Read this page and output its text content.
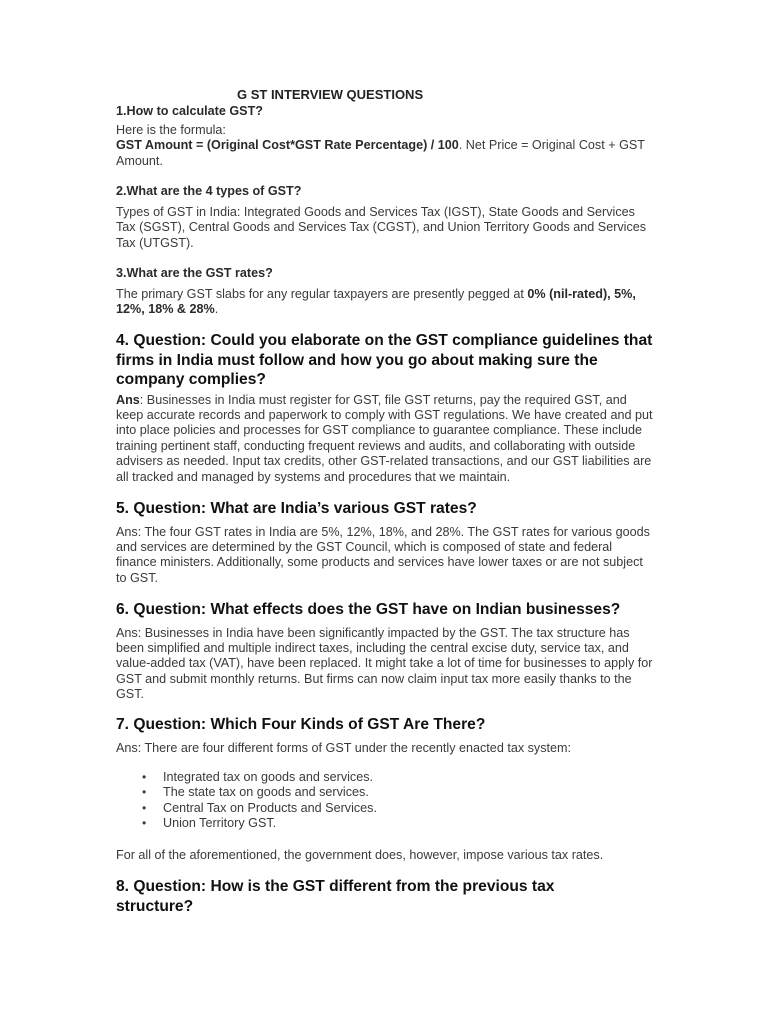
G ST INTERVIEW QUESTIONS

1.How to calculate GST?

Here is the formula:

GST Amount = (Original Cost*GST Rate Percentage) / 100. Net Price = Original Cost + GST Amount.

2.What are the 4 types of GST?

Types of GST in India: Integrated Goods and Services Tax (IGST), State Goods and Services Tax (SGST), Central Goods and Services Tax (CGST), and Union Territory Goods and Services Tax (UTGST).

3.What are the GST rates?

The primary GST slabs for any regular taxpayers are presently pegged at 0% (nil-rated), 5%, 12%, 18% & 28%.

4. Question: Could you elaborate on the GST compliance guidelines that firms in India must follow and how you go about making sure the company complies?

Ans: Businesses in India must register for GST, file GST returns, pay the required GST, and keep accurate records and paperwork to comply with GST regulations. We have created and put into place policies and processes for GST compliance to guarantee compliance. These include training pertinent staff, conducting frequent reviews and audits, and collaborating with outside advisers as needed. Input tax credits, other GST-related transactions, and our GST liabilities are all tracked and managed by systems and procedures that we maintain.

5. Question: What are India’s various GST rates?

Ans: The four GST rates in India are 5%, 12%, 18%, and 28%. The GST rates for various goods and services are determined by the GST Council, which is composed of state and federal finance ministers. Additionally, some products and services have lower taxes or are not subject to GST.

6. Question: What effects does the GST have on Indian businesses?

Ans: Businesses in India have been significantly impacted by the GST. The tax structure has been simplified and multiple indirect taxes, including the central excise duty, service tax, and value-added tax (VAT), have been replaced. It might take a lot of time for businesses to apply for GST and submit monthly returns. But firms can now claim input tax more easily thanks to the GST.

7. Question: Which Four Kinds of GST Are There?

Ans: There are four different forms of GST under the recently enacted tax system:

• Integrated tax on goods and services.
• The state tax on goods and services.
• Central Tax on Products and Services.
• Union Territory GST.

For all of the aforementioned, the government does, however, impose various tax rates.

8. Question: How is the GST different from the previous tax structure?
